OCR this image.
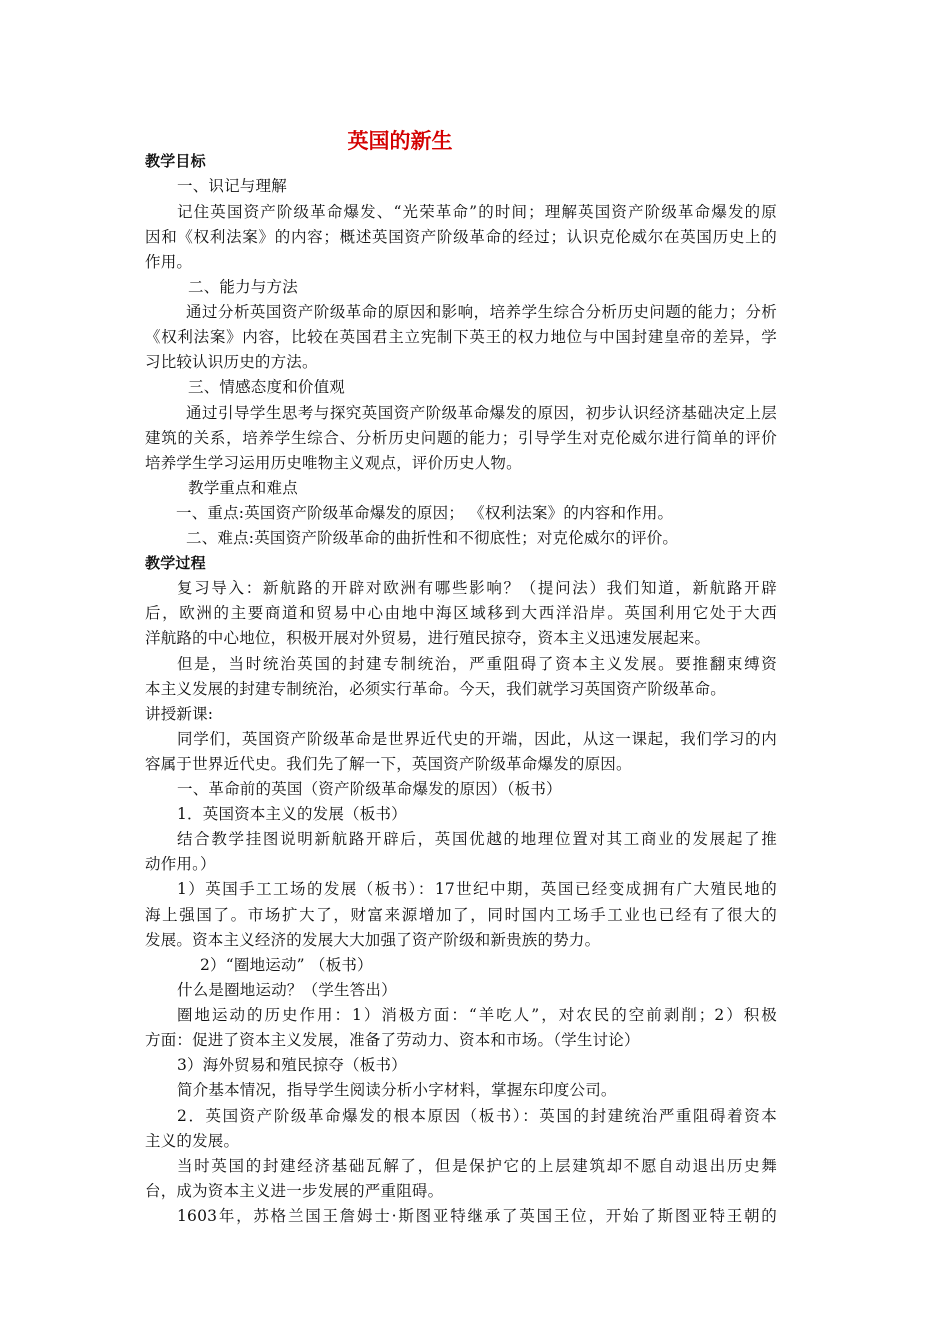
英国的新生
教学目标
一、识记与理解
记住英国资产阶级革命爆发、“光荣革命”的时间；理解英国资产阶级革命爆发的原
因和《权利法案》的内容；概述英国资产阶级革命的经过；认识克伦威尔在英国历史上的
作用。
二、能力与方法
通过分析英国资产阶级革命的原因和影响，培养学生综合分析历史问题的能力；分析
《权利法案》内容，比较在英国君主立宪制下英王的权力地位与中国封建皇帝的差异，学
习比较认识历史的方法。
三、情感态度和价值观
通过引导学生思考与探究英国资产阶级革命爆发的原因，初步认识经济基础决定上层
建筑的关系，培养学生综合、分析历史问题的能力；引导学生对克伦威尔进行简单的评价
培养学生学习运用历史唯物主义观点，评价历史人物。
教学重点和难点
一、重点:英国资产阶级革命爆发的原因； 《权利法案》的内容和作用。
二、难点:英国资产阶级革命的曲折性和不彻底性；对克伦威尔的评价。
教学过程
复习导入：新航路的开辟对欧洲有哪些影响？（提问法）我们知道，新航路开辟
后，欧洲的主要商道和贸易中心由地中海区域移到大西洋沿岸。英国利用它处于大西
洋航路的中心地位，积极开展对外贸易，进行殖民掠夺，资本主义迅速发展起来。
但是，当时统治英国的封建专制统治，严重阻碍了资本主义发展。要推翻束缚资
本主义发展的封建专制统治，必须实行革命。今天，我们就学习英国资产阶级革命。
讲授新课:
同学们，英国资产阶级革命是世界近代史的开端，因此，从这一课起，我们学习的内
容属于世界近代史。我们先了解一下，英国资产阶级革命爆发的原因。
一、革命前的英国（资产阶级革命爆发的原因）（板书）
1．英国资本主义的发展（板书）
结合教学挂图说明新航路开辟后，英国优越的地理位置对其工商业的发展起了推
动作用。）
1）英国手工工场的发展（板书）：17世纪中期，英国已经变成拥有广大殖民地的
海上强国了。市场扩大了，财富来源增加了，同时国内工场手工业也已经有了很大的
发展。资本主义经济的发展大大加强了资产阶级和新贵族的势力。
2）“圈地运动” （板书）
什么是圈地运动？（学生答出）
圈地运动的历史作用：1）消极方面：“羊吃人”，对农民的空前剥削；2）积极
方面：促进了资本主义发展，准备了劳动力、资本和市场。（学生讨论）
3）海外贸易和殖民掠夺（板书）
简介基本情况，指导学生阅读分析小字材料，掌握东印度公司。
2．英国资产阶级革命爆发的根本原因（板书）：英国的封建统治严重阻碍着资本
主义的发展。
当时英国的封建经济基础瓦解了，但是保护它的上层建筑却不愿自动退出历史舞
台，成为资本主义进一步发展的严重阻碍。
1603年，苏格兰国王詹姆士·斯图亚特继承了英国王位，开始了斯图亚特王朝的
